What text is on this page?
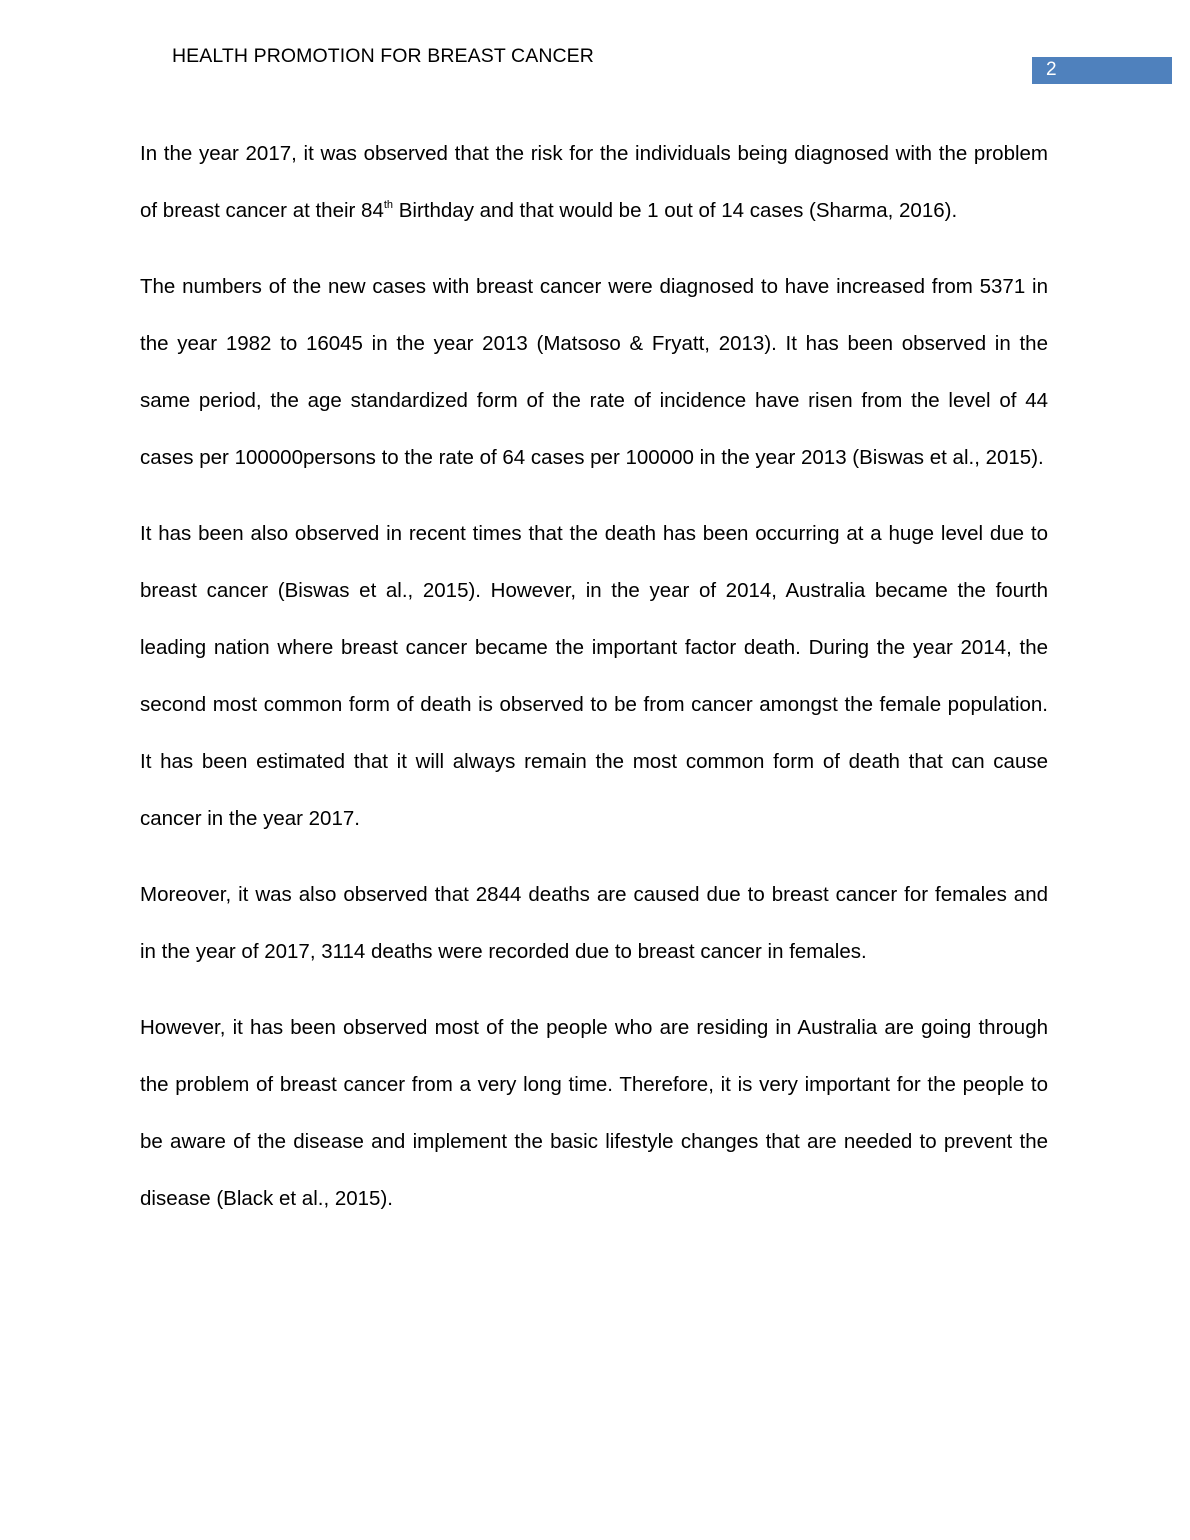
HEALTH PROMOTION FOR BREAST CANCER
2

In the year 2017, it was observed that the risk for the individuals being diagnosed with the problem of breast cancer at their 84th Birthday and that would be 1 out of 14 cases (Sharma, 2016).

The numbers of the new cases with breast cancer were diagnosed to have increased from 5371 in the year 1982 to 16045 in the year 2013 (Matsoso & Fryatt, 2013). It has been observed in the same period, the age standardized form of the rate of incidence have risen from the level of 44 cases per 100000persons to the rate of 64 cases per 100000 in the year 2013 (Biswas et al., 2015).

It has been also observed in recent times that the death has been occurring at a huge level due to breast cancer (Biswas et al., 2015). However, in the year of 2014, Australia became the fourth leading nation where breast cancer became the important factor death. During the year 2014, the second most common form of death is observed to be from cancer amongst the female population. It has been estimated that it will always remain the most common form of death that can cause cancer in the year 2017.

Moreover, it was also observed that 2844 deaths are caused due to breast cancer for females and in the year of 2017, 3114 deaths were recorded due to breast cancer in females.

However, it has been observed most of the people who are residing in Australia are going through the problem of breast cancer from a very long time. Therefore, it is very important for the people to be aware of the disease and implement the basic lifestyle changes that are needed to prevent the disease (Black et al., 2015).
